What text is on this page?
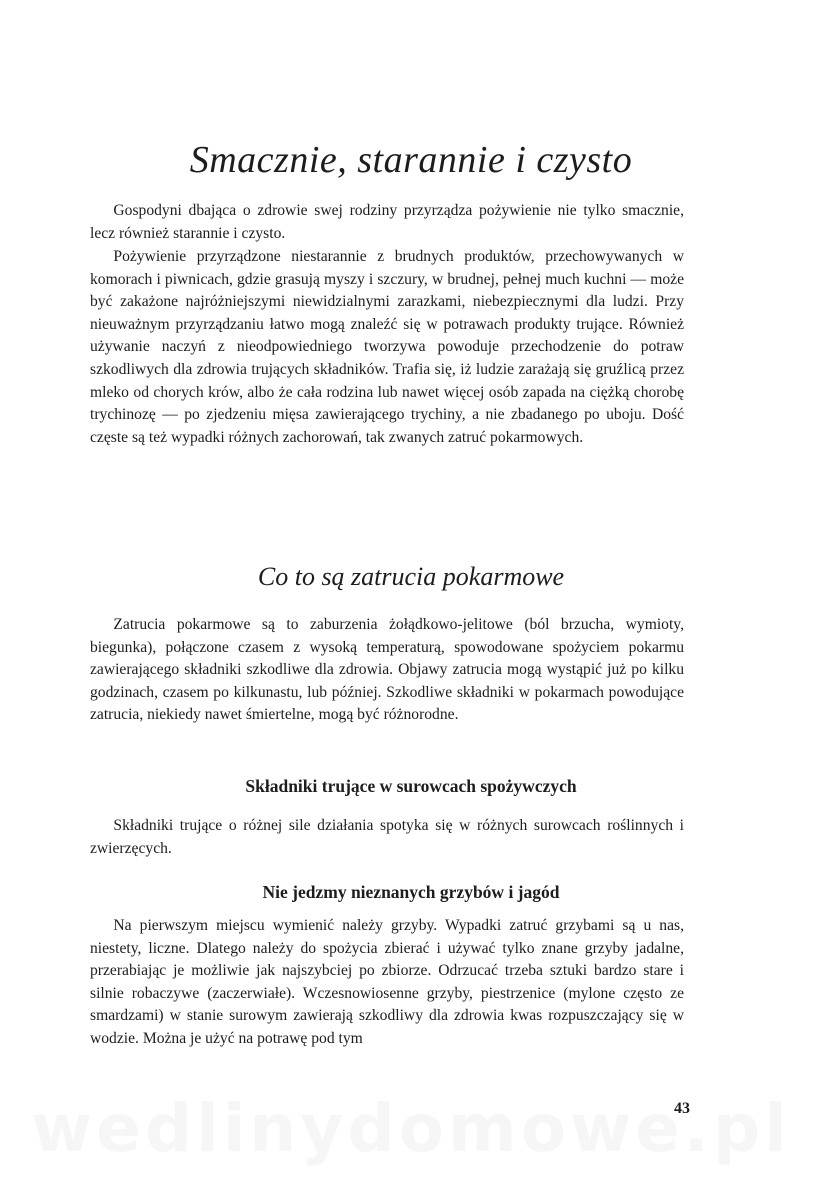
Smacznie, starannie i czysto

Gospodyni dbająca o zdrowie swej rodziny przyrządza pożywienie nie tylko smacznie, lecz również starannie i czysto.

Pożywienie przyrządzone niestarannie z brudnych produktów, przechowywanych w komorach i piwnicach, gdzie grasują myszy i szczury, w brudnej, pełnej much kuchni — może być zakażone najróżniejszymi niewidzialnymi zarazkami, niebezpiecznymi dla ludzi. Przy nieuważnym przyrządzaniu łatwo mogą znaleźć się w potrawach produkty trujące. Również używanie naczyń z nieodpowiedniego tworzywa powoduje przechodzenie do potraw szkodliwych dla zdrowia trujących składników. Trafia się, iż ludzie zarażają się gruźlicą przez mleko od chorych krów, albo że cała rodzina lub nawet więcej osób zapada na ciężką chorobę trychinozę — po zjedzeniu mięsa zawierającego trychiny, a nie zbadanego po uboju. Dość częste są też wypadki różnych zachorowań, tak zwanych zatruć pokarmowych.

Co to są zatrucia pokarmowe

Zatrucia pokarmowe są to zaburzenia żołądkowo-jelitowe (ból brzucha, wymioty, biegunka), połączone czasem z wysoką temperaturą, spowodowane spożyciem pokarmu zawierającego składniki szkodliwe dla zdrowia. Objawy zatrucia mogą wystąpić już po kilku godzinach, czasem po kilkunastu, lub później. Szkodliwe składniki w pokarmach powodujące zatrucia, niekiedy nawet śmiertelne, mogą być różnorodne.

Składniki trujące w surowcach spożywczych

Składniki trujące o różnej sile działania spotyka się w różnych surowcach roślinnych i zwierzęcych.

Nie jedzmy nieznanych grzybów i jagód

Na pierwszym miejscu wymienić należy grzyby. Wypadki zatruć grzybami są u nas, niestety, liczne. Dlatego należy do spożycia zbierać i używać tylko znane grzyby jadalne, przerabiając je możliwie jak najszybciej po zbiorze. Odrzucać trzeba sztuki bardzo stare i silnie robaczywe (zaczerwiałe). Wczesnowiosenne grzyby, piestrzenice (mylone często ze smardzami) w stanie surowym zawierają szkodliwy dla zdrowia kwas rozpuszczający się w wodzie. Można je użyć na potrawę pod tym

43
